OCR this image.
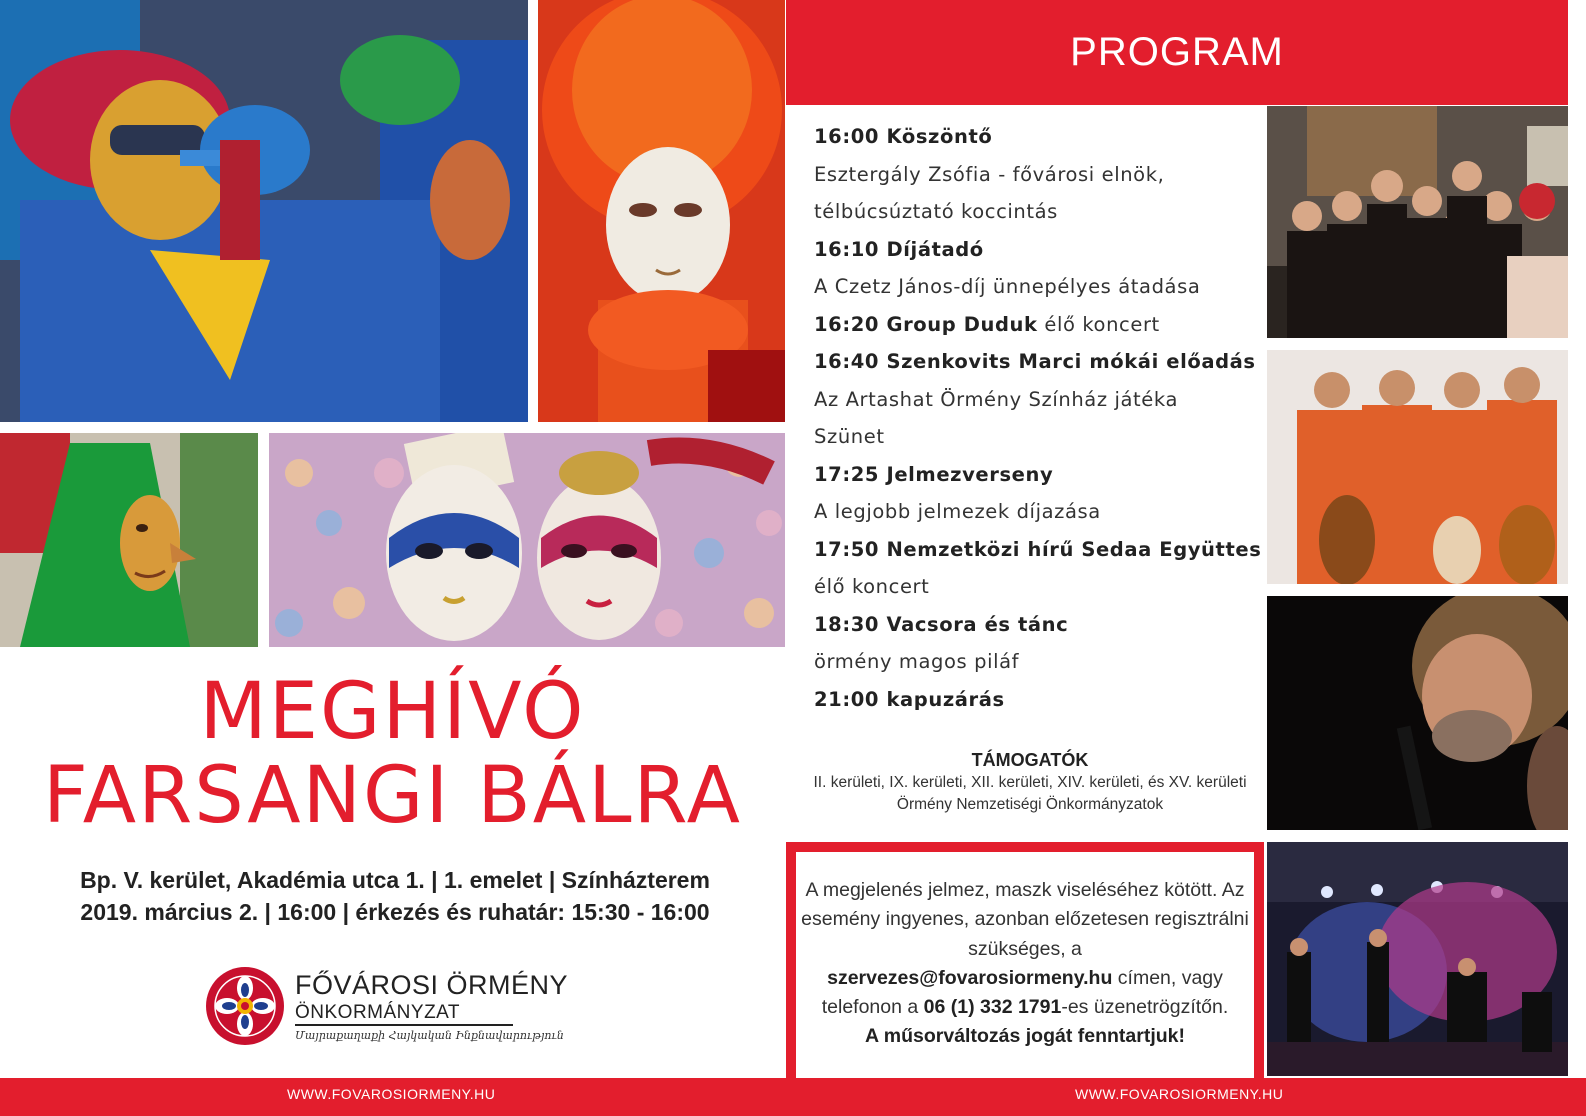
PROGRAM
16:00 Köszöntő
Esztergály Zsófia - fővárosi elnök,
télbúcsúztató koccintás
16:10 Díjátadó
A Czetz János-díj ünnepélyes átadása
16:20 Group Duduk élő koncert
16:40 Szenkovits Marci mókái előadás
Az Artashat Örmény Színház játéka
Szünet
17:25 Jelmezverseny
A legjobb jelmezek díjazása
17:50 Nemzetközi hírű Sedaa Együttes
élő koncert
18:30 Vacsora és tánc
örmény magos piláf
21:00 kapuzárás
TÁMOGATÓK
II. kerületi, IX. kerületi, XII. kerületi, XIV. kerületi, és XV. kerületi Örmény Nemzetiségi Önkormányzatok
MEGHÍVÓ
FARSANGI BÁLRA
Bp. V. kerület, Akadémia utca 1. | 1. emelet | Színházterem
2019. március 2. | 16:00 | érkezés és ruhatár: 15:30 - 16:00
FŐVÁROSI ÖRMÉNY
ÖNKORMÁNYZAT
Մայրաքաղաքի Հայկական Ինքնավարություն
A megjelenés jelmez, maszk viseléséhez kötött. Az esemény ingyenes, azonban előzetesen regisztrálni szükséges, a
szervezes@fovarosiormeny.hu címen, vagy telefonon a 06 (1) 332 1791-es üzenetrögzítőn.
A műsorváltozás jogát fenntartjuk!
WWW.FOVAROSIORMENY.HU	WWW.FOVAROSIORMENY.HU
